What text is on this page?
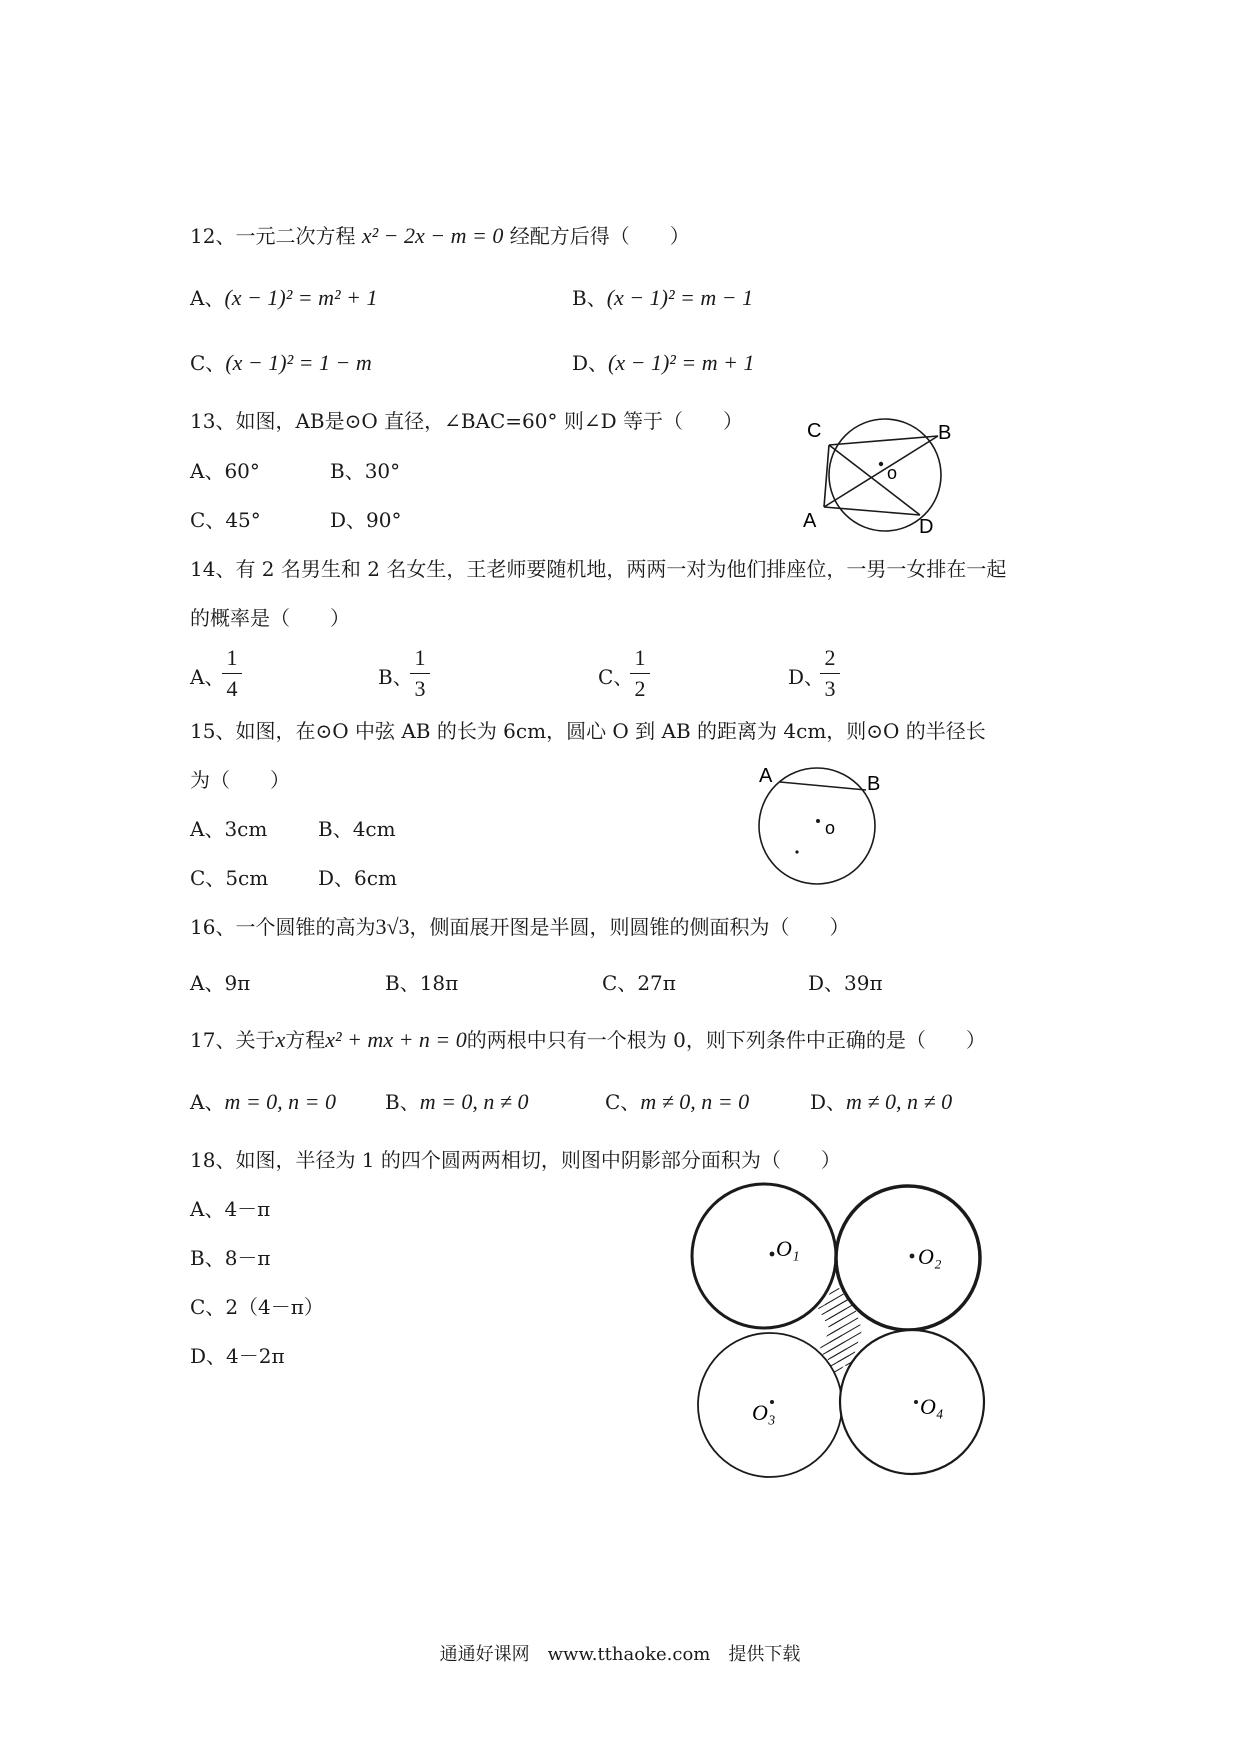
12、一元二次方程 x² − 2x − m = 0 经配方后得（　　）
A、(x − 1)² = m² + 1	B、(x − 1)² = m − 1
C、(x − 1)² = 1 − m	D、(x − 1)² = m + 1
13、如图，AB是⊙O 直径，∠BAC=60° 则∠D 等于（　　）
A、60°	B、30°
C、45°	D、90°
C	B
A	D
o
14、有 2 名男生和 2 名女生，王老师要随机地，两两一对为他们排座位，一男一女排在一起
的概率是（　　）
A、
1
4	B、
1
3	C、
1
2	D、
2
3
15、如图，在⊙O 中弦 AB 的长为 6cm，圆心 O 到 AB 的距离为 4cm，则⊙O 的半径长
为（　　）
A、3cm	B、4cm
C、5cm D、6cm
A	B
o
16、一个圆锥的高为3√3，侧面展开图是半圆，则圆锥的侧面积为（　　）
A、9π	B、18π	C、27π	D、39π
17、关于x方程x² + mx + n = 0的两根中只有一个根为 0，则下列条件中正确的是（　　）
A、m = 0, n = 0 B、m = 0, n ≠ 0	C、m ≠ 0, n = 0	D、m ≠ 0, n ≠ 0
18、如图，半径为 1 的四个圆两两相切，则图中阴影部分面积为（　　）
A、4－π
B、8－π
C、2（4－π）
D、4－2π
O₁	O₂
O₃	O₄
通通好课网　www.tthaoke.com　提供下载
